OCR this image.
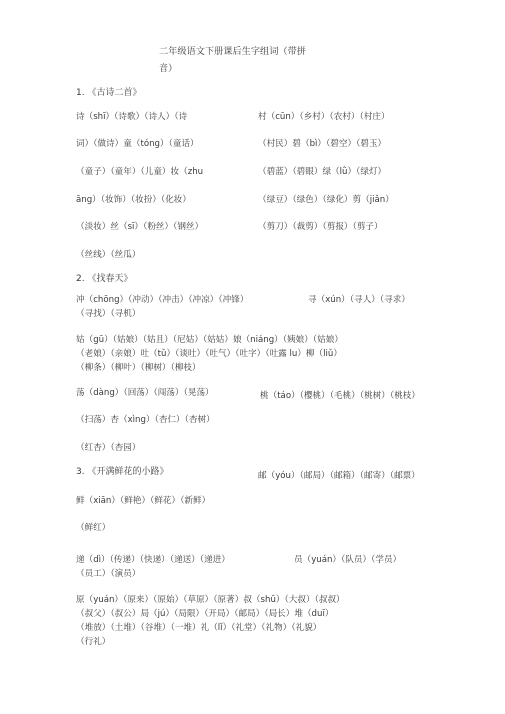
二年级语文下册课后生字组词（带拼
音）
1. 《古诗二首》
诗（shī）（诗歌）（诗人）（诗	村（cūn）（乡村）（农村）（村庄）
词）（做诗）童（tóng）（童话）	（村民）碧（bì）（碧空）（碧玉）
（童子）（童年）（儿童）妆（zhu	（碧蓝）（碧眼）绿（lǜ）（绿灯）
āng）（妆饰）（妆扮）（化妆）	（绿豆）（绿色）（绿化）剪（jiǎn）
（淡妆）丝（sī）（粉丝）（钢丝）	（剪刀）（裁剪）（剪报）（剪子）
（丝线）（丝瓜）
2. 《找春天》
冲（chōng）（冲动）（冲击）（冲凉）（冲锋）	寻（xún）（寻人）（寻求）
（寻找）（寻机）
姑（gū）（姑娘）（姑且）（尼姑）（姑姑）娘（niáng）（姨娘）（姑娘）
（老娘）（亲娘）吐（tǔ）（谈吐）（吐气）（吐字）（吐露 lu）柳（liǔ）
（柳条）（柳叶）（柳树）（柳枝）
荡（dàng）（回荡）（闯荡）（晃荡）	桃（táo）（樱桃）（毛桃）（桃树）（桃枝）
（扫荡）杏（xìng）（杏仁）（杏树）
（红杏）（杏园）
3. 《开满鲜花的小路》	邮（yóu）（邮局）（邮箱）（邮寄）（邮票）
鲜（xiān）（鲜艳）（鲜花）（新鲜）
（鲜红）
递（dì）（传递）（快递）（递送）（递进）	员（yuán）（队员）（学员）
（员工）（演员）
原（yuán）（原来）（原始）（草原）（原著）叔（shū）（大叔）（叔叔）
（叔父）（叔公）局（jú）（局限）（开局）（邮局）（局长）堆（duī）
（堆放）（土堆）（谷堆）（一堆）礼（lǐ）（礼堂）（礼物）（礼貌）
（行礼）
